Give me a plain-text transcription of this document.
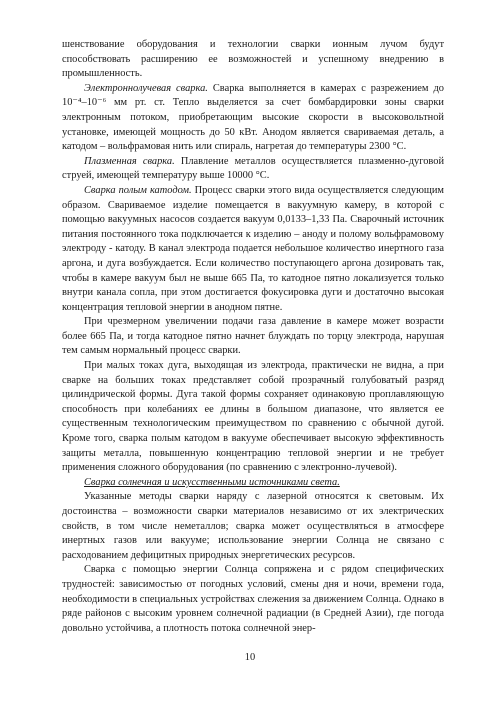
шенствование оборудования и технологии сварки ионным лучом будут способствовать расширению ее возможностей и успешному внедрению в промышленность.

Электроннолучевая сварка. Сварка выполняется в камерах с разрежением до 10⁻⁴–10⁻⁶ мм рт. ст. Тепло выделяется за счет бомбардировки зоны сварки электронным потоком, приобретающим высокие скорости в высоковольтной установке, имеющей мощность до 50 кВт. Анодом является свариваемая деталь, а катодом – вольфрамовая нить или спираль, нагретая до температуры 2300 °С.

Плазменная сварка. Плавление металлов осуществляется плазменно-дуговой струей, имеющей температуру выше 10000 °С.

Сварка полым катодом. Процесс сварки этого вида осуществляется следующим образом. Свариваемое изделие помещается в вакуумную камеру, в которой с помощью вакуумных насосов создается вакуум 0,0133–1,33 Па. Сварочный источник питания постоянного тока подключается к изделию – аноду и полому вольфрамовому электроду - катоду. В канал электрода подается небольшое количество инертного газа аргона, и дуга возбуждается. Если количество поступающего аргона дозировать так, чтобы в камере вакуум был не выше 665 Па, то катодное пятно локализуется только внутри канала сопла, при этом достигается фокусировка дуги и достаточно высокая концентрация тепловой энергии в анодном пятне.

При чрезмерном увеличении подачи газа давление в камере может возрасти более 665 Па, и тогда катодное пятно начнет блуждать по торцу электрода, нарушая тем самым нормальный процесс сварки.

При малых токах дуга, выходящая из электрода, практически не видна, а при сварке на больших токах представляет собой прозрачный голубоватый разряд цилиндрической формы. Дуга такой формы сохраняет одинаковую проплавляющую способность при колебаниях ее длины в большом диапазоне, что является ее существенным технологическим преимуществом по сравнению с обычной дугой. Кроме того, сварка полым катодом в вакууме обеспечивает высокую эффективность защиты металла, повышенную концентрацию тепловой энергии и не требует применения сложного оборудования (по сравнению с электронно-лучевой).

Сварка солнечная и искусственными источниками света.

Указанные методы сварки наряду с лазерной относятся к световым. Их достоинства – возможности сварки материалов независимо от их электрических свойств, в том числе неметаллов; сварка может осуществляться в атмосфере инертных газов или вакууме; использование энергии Солнца не связано с расходованием дефицитных природных энергетических ресурсов.

Сварка с помощью энергии Солнца сопряжена и с рядом специфических трудностей: зависимостью от погодных условий, смены дня и ночи, времени года, необходимости в специальных устройствах слежения за движением Солнца. Однако в ряде районов с высоким уровнем солнечной радиации (в Средней Азии), где погода довольно устойчива, а плотность потока солнечной энер-

10
